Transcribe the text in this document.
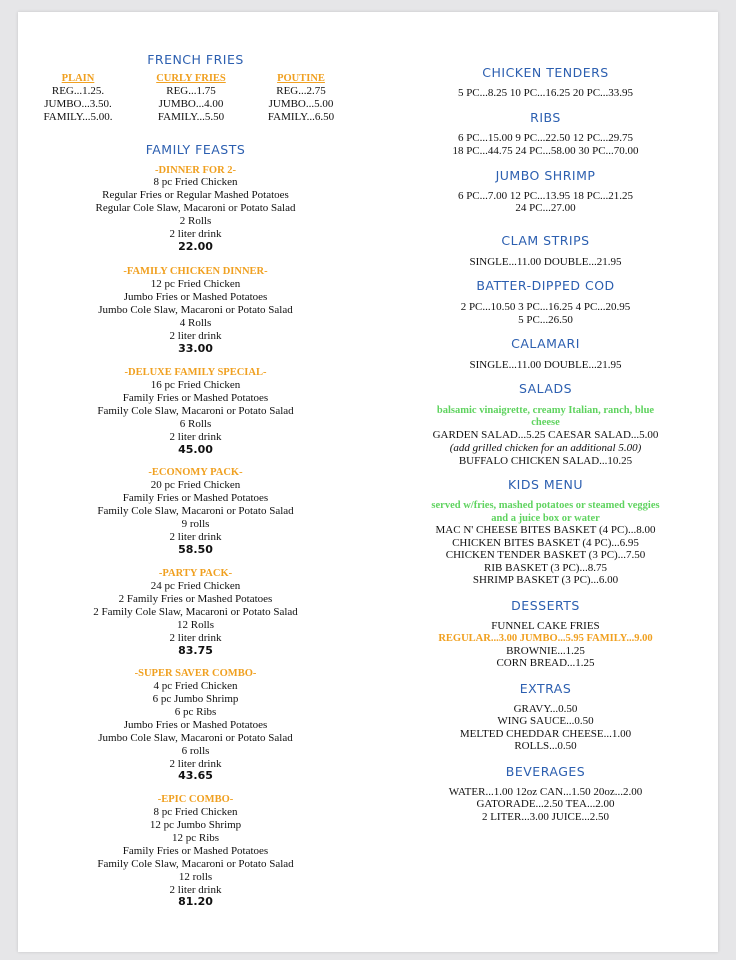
FRENCH FRIES
PLAIN
REG...1.25.
JUMBO...3.50.
FAMILY...5.00.
CURLY FRIES
REG...1.75
JUMBO...4.00
FAMILY...5.50
POUTINE
REG...2.75
JUMBO...5.00
FAMILY...6.50
FAMILY FEASTS
-DINNER FOR 2-
8 pc Fried Chicken
Regular Fries or Regular Mashed Potatoes
Regular Cole Slaw, Macaroni or Potato Salad
2 Rolls
2 liter drink
22.00
-FAMILY CHICKEN DINNER-
12 pc Fried Chicken
Jumbo Fries or Mashed Potatoes
Jumbo Cole Slaw, Macaroni or Potato Salad
4 Rolls
2 liter drink
33.00
-DELUXE FAMILY SPECIAL-
16 pc Fried Chicken
Family Fries or Mashed Potatoes
Family Cole Slaw, Macaroni or Potato Salad
6 Rolls
2 liter drink
45.00
-ECONOMY PACK-
20 pc Fried Chicken
Family Fries or Mashed Potatoes
Family Cole Slaw, Macaroni or Potato Salad
9 rolls
2 liter drink
58.50
-PARTY PACK-
24 pc Fried Chicken
2 Family Fries or Mashed Potatoes
2 Family Cole Slaw, Macaroni or Potato Salad
12 Rolls
2 liter drink
83.75
-SUPER SAVER COMBO-
4 pc Fried Chicken
6 pc Jumbo Shrimp
6 pc Ribs
Jumbo Fries or Mashed Potatoes
Jumbo Cole Slaw, Macaroni or Potato Salad
6 rolls
2 liter drink
43.65
-EPIC COMBO-
8 pc Fried Chicken
12 pc Jumbo Shrimp
12 pc Ribs
Family Fries or Mashed Potatoes
Family Cole Slaw, Macaroni or Potato Salad
12 rolls
2 liter drink
81.20
CHICKEN TENDERS
5 PC...8.25 10 PC...16.25 20 PC...33.95
RIBS
6 PC...15.00 9 PC...22.50 12 PC...29.75
18 PC...44.75 24 PC...58.00 30 PC...70.00
JUMBO SHRIMP
6 PC...7.00 12 PC...13.95 18 PC...21.25
24 PC...27.00
CLAM STRIPS
SINGLE...11.00 DOUBLE...21.95
BATTER-DIPPED COD
2 PC...10.50 3 PC...16.25 4 PC...20.95
5 PC...26.50
CALAMARI
SINGLE...11.00 DOUBLE...21.95
SALADS
balsamic vinaigrette, creamy Italian, ranch, blue
cheese
GARDEN SALAD...5.25 CAESAR SALAD...5.00
(add grilled chicken for an additional 5.00)
BUFFALO CHICKEN SALAD...10.25
KIDS MENU
served w/fries, mashed potatoes or steamed veggies
and a juice box or water
MAC N' CHEESE BITES BASKET (4 PC)...8.00
CHICKEN BITES BASKET (4 PC)...6.95
CHICKEN TENDER BASKET (3 PC)...7.50
RIB BASKET (3 PC)...8.75
SHRIMP BASKET (3 PC)...6.00
DESSERTS
FUNNEL CAKE FRIES
REGULAR...3.00 JUMBO...5.95 FAMILY...9.00
BROWNIE...1.25
CORN BREAD...1.25
EXTRAS
GRAVY...0.50
WING SAUCE...0.50
MELTED CHEDDAR CHEESE...1.00
ROLLS...0.50
BEVERAGES
WATER...1.00 12oz CAN...1.50 20oz...2.00
GATORADE...2.50 TEA...2.00
2 LITER...3.00 JUICE...2.50
